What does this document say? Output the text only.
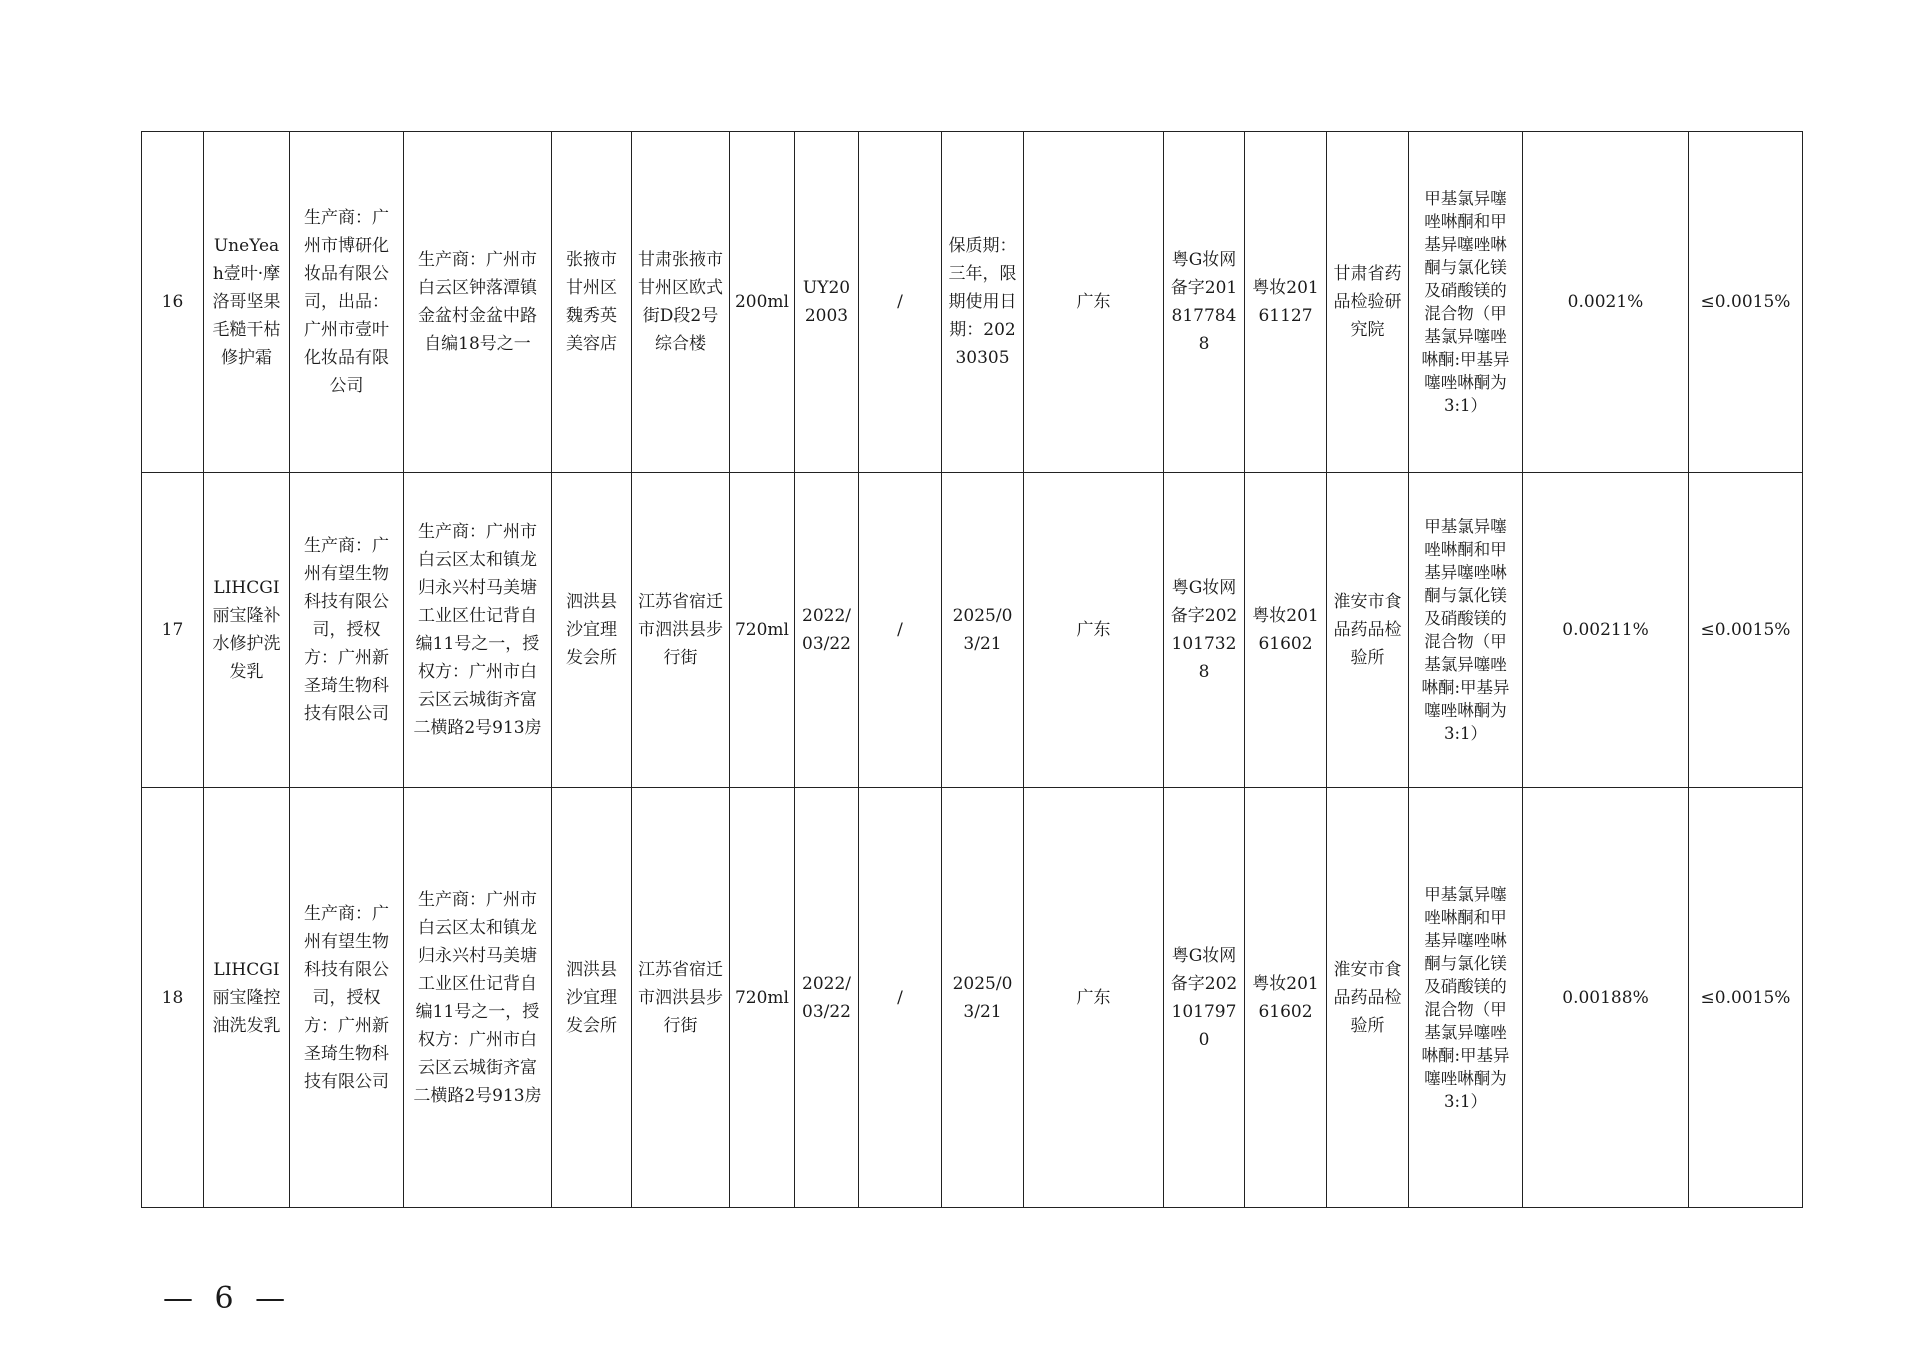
16	UneYeah壹叶·摩洛哥坚果毛糙干枯修护霜	生产商：广州市博研化妆品有限公司，出品：广州市壹叶化妆品有限公司	生产商：广州市白云区钟落潭镇金盆村金盆中路自编18号之一	张掖市甘州区魏秀英美容店	甘肃张掖市甘州区欧式街D段2号综合楼	200ml	UY202003	/	保质期：三年，限期使用日期：20230305	广东	粤G妆网备字2018177848	粤妆20161127	甘肃省药品检验研究院	甲基氯异噻唑啉酮和甲基异噻唑啉酮与氯化镁及硝酸镁的混合物（甲基氯异噻唑啉酮:甲基异噻唑啉酮为3:1）	0.0021%	≤0.0015%
17	LIHCGI丽宝隆补水修护洗发乳	生产商：广州有望生物科技有限公司，授权方：广州新圣琦生物科技有限公司	生产商：广州市白云区太和镇龙归永兴村马美塘工业区仕记背自编11号之一，授权方：广州市白云区云城街齐富二横路2号913房	泗洪县沙宜理发会所	江苏省宿迁市泗洪县步行街	720ml	2022/03/22	/	2025/03/21	广东	粤G妆网备字2021017328	粤妆20161602	淮安市食品药品检验所	甲基氯异噻唑啉酮和甲基异噻唑啉酮与氯化镁及硝酸镁的混合物（甲基氯异噻唑啉酮:甲基异噻唑啉酮为3:1）	0.00211%	≤0.0015%
18	LIHCGI丽宝隆控油洗发乳	生产商：广州有望生物科技有限公司，授权方：广州新圣琦生物科技有限公司	生产商：广州市白云区太和镇龙归永兴村马美塘工业区仕记背自编11号之一，授权方：广州市白云区云城街齐富二横路2号913房	泗洪县沙宜理发会所	江苏省宿迁市泗洪县步行街	720ml	2022/03/22	/	2025/03/21	广东	粤G妆网备字2021017970	粤妆20161602	淮安市食品药品检验所	甲基氯异噻唑啉酮和甲基异噻唑啉酮与氯化镁及硝酸镁的混合物（甲基氯异噻唑啉酮:甲基异噻唑啉酮为3:1）	0.00188%	≤0.0015%
— 6 —
